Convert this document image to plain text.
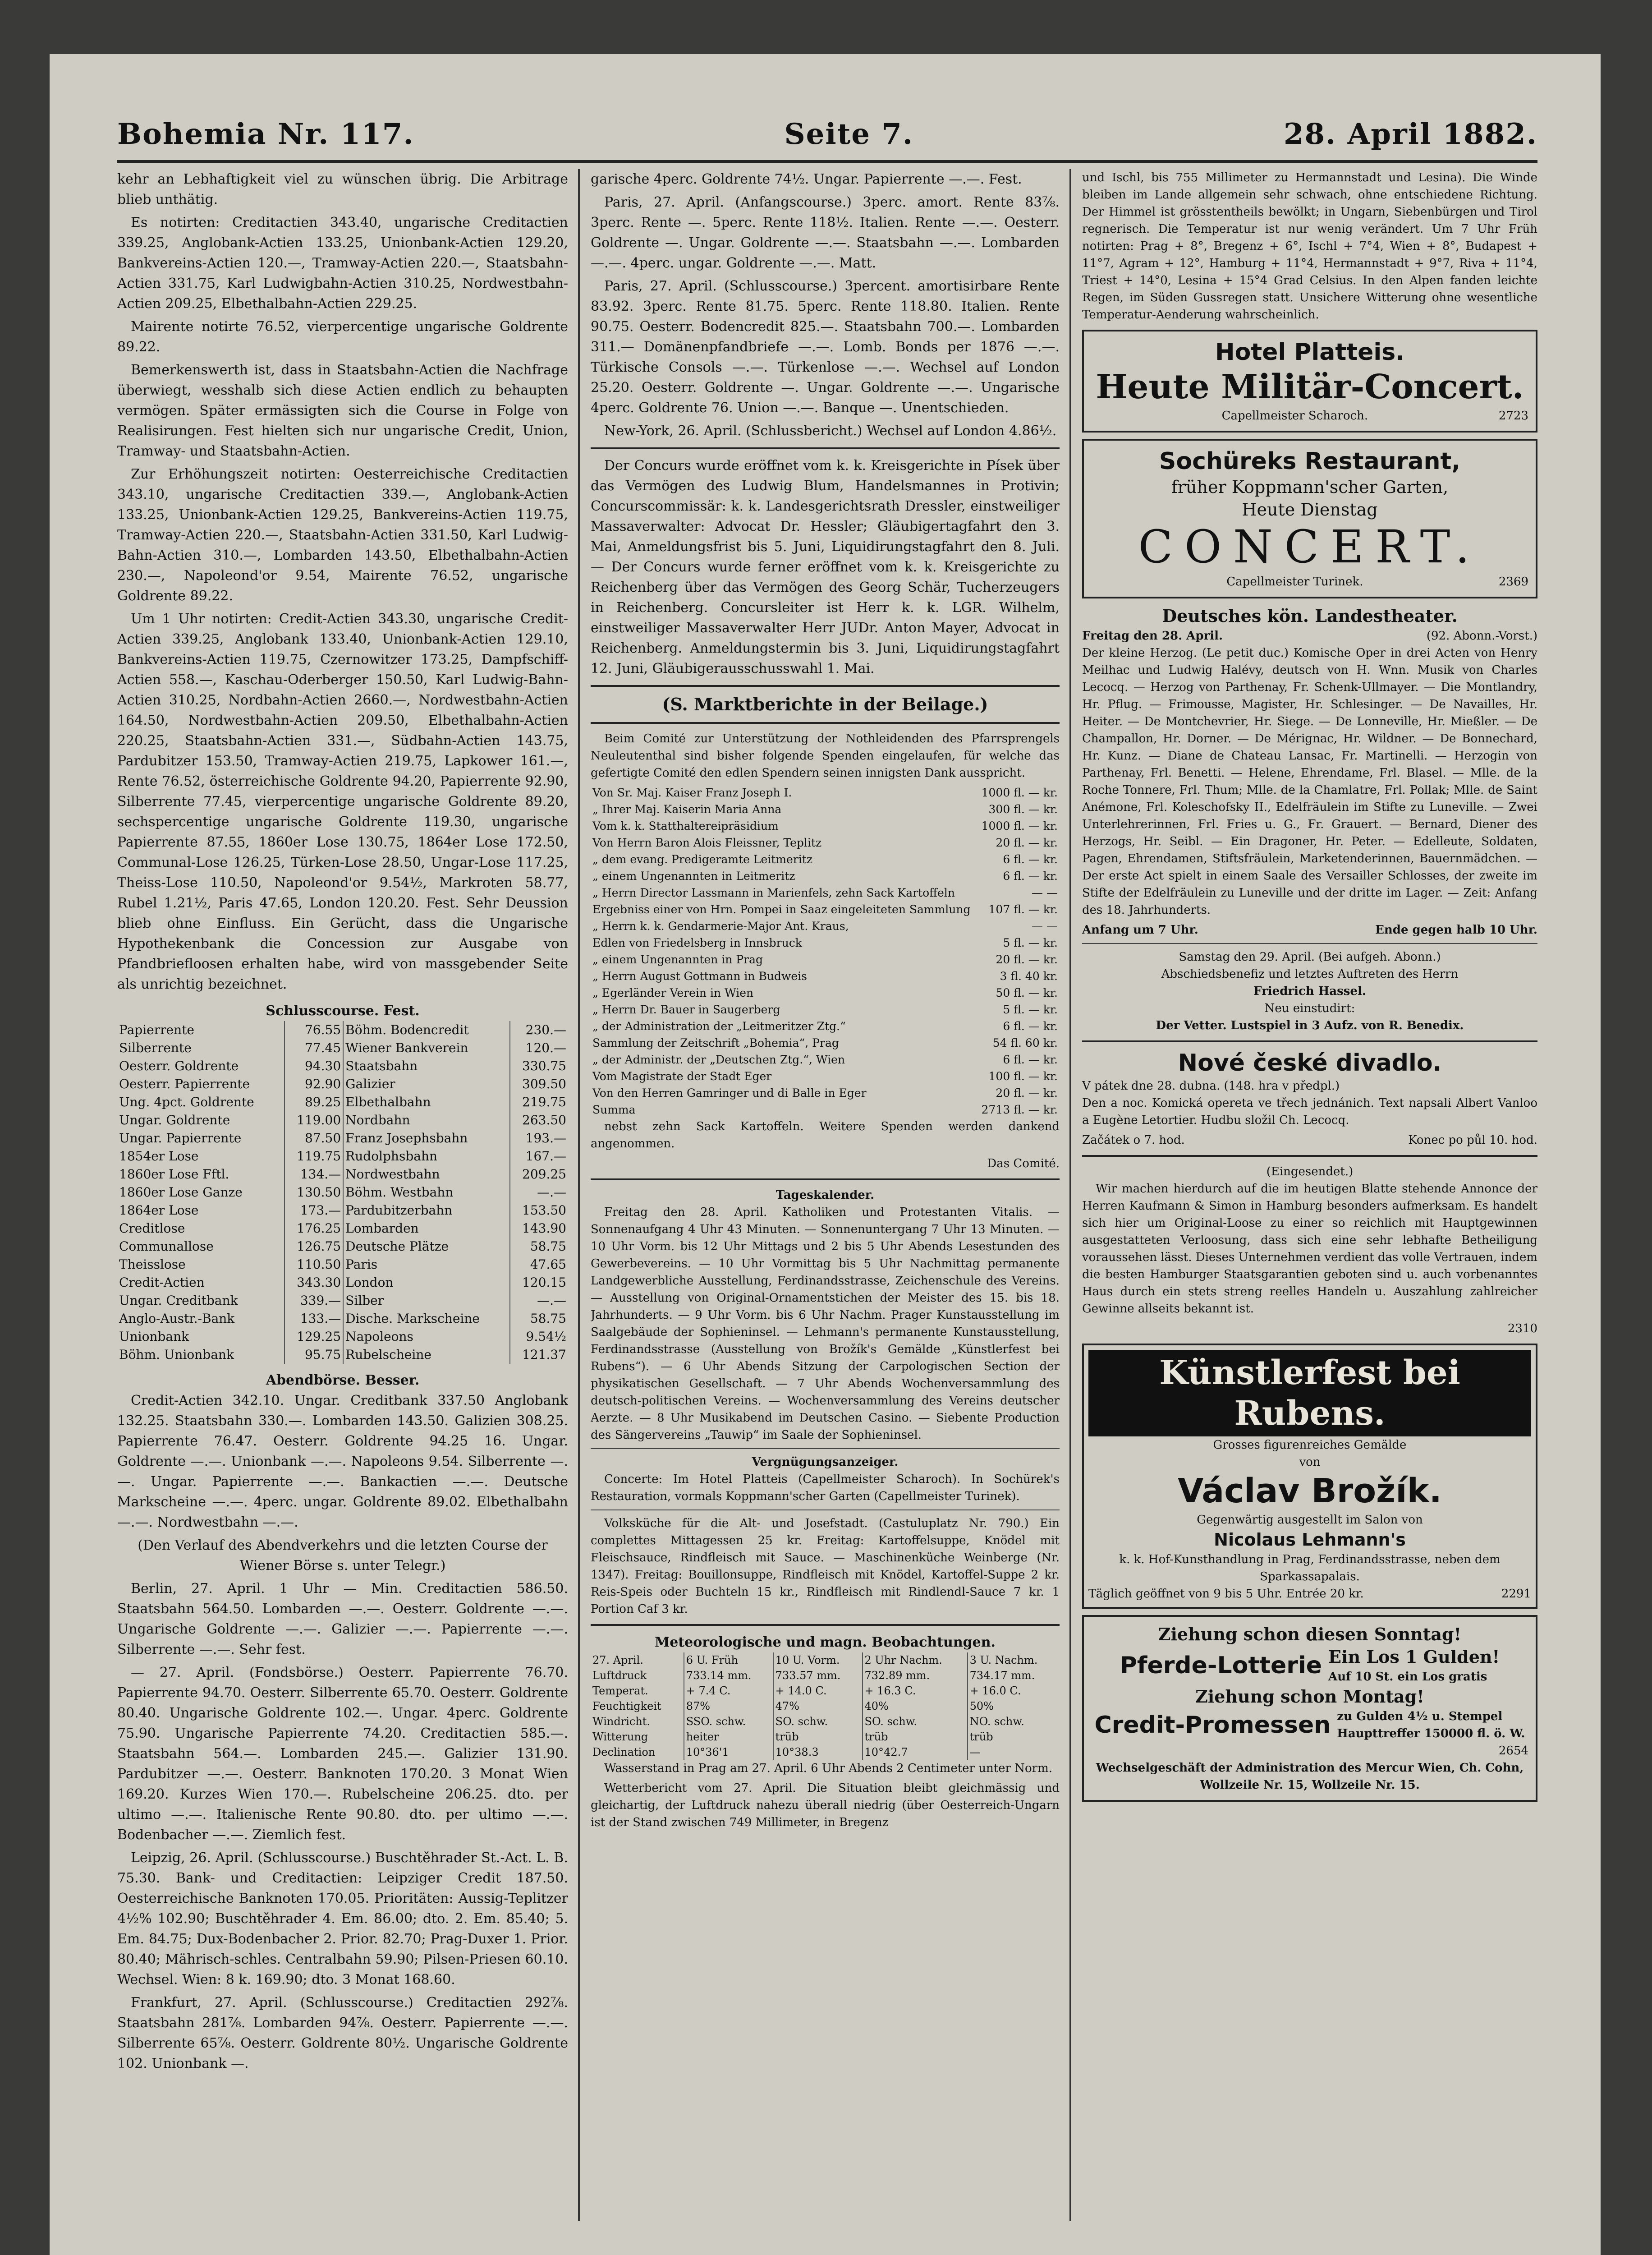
Bohemia Nr. 117.	Seite 7.	28. April 1882.

kehr an Lebhaftigkeit viel zu wünschen übrig. Die Arbitrage blieb unthätig.

Es notirten: Creditactien 343.40, ungarische Creditactien 339.25, Anglobank-Actien 133.25, Unionbank-Actien 129.20, Bankvereins-Actien 120.—, Tramway-Actien 220.—, Staatsbahn-Actien 331.75, Karl Ludwigbahn-Actien 310.25, Nordwestbahn-Actien 209.25, Elbethalbahn-Actien 229.25.

Mairente notirte 76.52, vierpercentige ungarische Goldrente 89.22.

Bemerkenswerth ist, dass in Staatsbahn-Actien die Nachfrage überwiegt, wesshalb sich diese Actien endlich zu behaupten vermögen. Später ermässigten sich die Course in Folge von Realisirungen. Fest hielten sich nur ungarische Credit, Union, Tramway- und Staatsbahn-Actien.

Zur Erhöhungszeit notirten: Oesterreichische Creditactien 343.10, ungarische Creditactien 339.—, Anglobank-Actien 133.25, Unionbank-Actien 129.25, Bankvereins-Actien 119.75, Tramway-Actien 220.—, Staatsbahn-Actien 331.50, Karl Ludwig-Bahn-Actien 310.—, Lombarden 143.50, Elbethalbahn-Actien 230.—, Napoleond'or 9.54, Mairente 76.52, ungarische Goldrente 89.22.

Um 1 Uhr notirten: Credit-Actien 343.30, ungarische Credit-Actien 339.25, Anglobank 133.40, Unionbank-Actien 129.10, Bankvereins-Actien 119.75, Czernowitzer 173.25, Dampfschiff-Actien 558.—, Kaschau-Oderberger 150.50, Karl Ludwig-Bahn-Actien 310.25, Nordbahn-Actien 2660.—, Nordwestbahn-Actien 164.50, Nordwestbahn-Actien 209.50, Elbethalbahn-Actien 220.25, Staatsbahn-Actien 331.—, Südbahn-Actien 143.75, Pardubitzer 153.50, Tramway-Actien 219.75, Lapkower 161.—, Rente 76.52, österreichische Goldrente 94.20, Papierrente 92.90, Silberrente 77.45, vierpercentige ungarische Goldrente 89.20, sechspercentige ungarische Goldrente 119.30, ungarische Papierrente 87.55, 1860er Lose 130.75, 1864er Lose 172.50, Communal-Lose 126.25, Türken-Lose 28.50, Ungar-Lose 117.25, Theiss-Lose 110.50, Napoleond'or 9.54½, Markroten 58.77, Rubel 1.21½, Paris 47.65, London 120.20. Fest. Sehr Deussion blieb ohne Einfluss. Ein Gerücht, dass die Ungarische Hypothekenbank die Concession zur Ausgabe von Pfandbriefloosen erhalten habe, wird von massgebender Seite als unrichtig bezeichnet.

Schlusscourse. Fest.
Papierrente	76.55	Böhm. Bodencredit	230.—
Silberrente	77.45	Wiener Bankverein	120.—
Oesterr. Goldrente	94.30	Staatsbahn	330.75
Oesterr. Papierrente	92.90	Galizier	309.50
Ung. 4pct. Goldrente	89.25	Elbethalbahn	219.75
Ungar. Goldrente	119.00	Nordbahn	263.50
Ungar. Papierrente	87.50	Franz Josephsbahn	193.—
1854er Lose	119.75	Rudolphsbahn	167.—
1860er Lose Fftl.	134.—	Nordwestbahn	209.25
1860er Lose Ganze	130.50	Böhm. Westbahn	—.—
1864er Lose	173.—	Pardubitzerbahn	153.50
Creditlose	176.25	Lombarden	143.90
Communallose	126.75	Deutsche Plätze	58.75
Theisslose	110.50	Paris	47.65
Credit-Actien	343.30	London	120.15
Ungar. Creditbank	339.—	Silber	—.—
Anglo-Austr.-Bank	133.—	Dische. Markscheine	58.75
Unionbank	129.25	Napoleons	9.54½
Böhm. Unionbank	95.75	Rubelscheine	121.37
Abendbörse. Besser.

Credit-Actien 342.10. Ungar. Creditbank 337.50 Anglobank 132.25. Staatsbahn 330.—. Lombarden 143.50. Galizien 308.25. Papierrente 76.47. Oesterr. Goldrente 94.25 16. Ungar. Goldrente —.—. Unionbank —.—. Napoleons 9.54. Silberrente —.—. Ungar. Papierrente —.—. Bankactien —.—. Deutsche Markscheine —.—. 4perc. ungar. Goldrente 89.02. Elbethalbahn —.—. Nordwestbahn —.—.

(Den Verlauf des Abendverkehrs und die letzten Course der Wiener Börse s. unter Telegr.)

Berlin, 27. April. 1 Uhr — Min. Creditactien 586.50. Staatsbahn 564.50. Lombarden —.—. Oesterr. Goldrente —.—. Ungarische Goldrente —.—. Galizier —.—. Papierrente —.—. Silberrente —.—. Sehr fest.

— 27. April. (Fondsbörse.) Oesterr. Papierrente 76.70. Papierrente 94.70. Oesterr. Silberrente 65.70. Oesterr. Goldrente 80.40. Ungarische Goldrente 102.—. Ungar. 4perc. Goldrente 75.90. Ungarische Papierrente 74.20. Creditactien 585.—. Staatsbahn 564.—. Lombarden 245.—. Galizier 131.90. Pardubitzer —.—. Oesterr. Banknoten 170.20. 3 Monat Wien 169.20. Kurzes Wien 170.—. Rubelscheine 206.25. dto. per ultimo —.—. Italienische Rente 90.80. dto. per ultimo —.—. Bodenbacher —.—. Ziemlich fest.

Leipzig, 26. April. (Schlusscourse.) Buschtěhrader St.-Act. L. B. 75.30. Bank- und Creditactien: Leipziger Credit 187.50. Oesterreichische Banknoten 170.05. Prioritäten: Aussig-Teplitzer 4½% 102.90; Buschtěhrader 4. Em. 86.00; dto. 2. Em. 85.40; 5. Em. 84.75; Dux-Bodenbacher 2. Prior. 82.70; Prag-Duxer 1. Prior. 80.40; Mährisch-schles. Centralbahn 59.90; Pilsen-Priesen 60.10. Wechsel. Wien: 8 k. 169.90; dto. 3 Monat 168.60.

Frankfurt, 27. April. (Schlusscourse.) Creditactien 292⅞. Staatsbahn 281⅞. Lombarden 94⅞. Oesterr. Papierrente —.—. Silberrente 65⅞. Oesterr. Goldrente 80½. Ungarische Goldrente 102. Unionbank —.

garische 4perc. Goldrente 74½. Ungar. Papierrente —.—. Fest.

Paris, 27. April. (Anfangscourse.) 3perc. amort. Rente 83⅞. 3perc. Rente —. 5perc. Rente 118½. Italien. Rente —.—. Oesterr. Goldrente —. Ungar. Goldrente —.—. Staatsbahn —.—. Lombarden —.—. 4perc. ungar. Goldrente —.—. Matt.

Paris, 27. April. (Schlusscourse.) 3percent. amortisirbare Rente 83.92. 3perc. Rente 81.75. 5perc. Rente 118.80. Italien. Rente 90.75. Oesterr. Bodencredit 825.—. Staatsbahn 700.—. Lombarden 311.— Domänenpfandbriefe —.—. Lomb. Bonds per 1876 —.—. Türkische Consols —.—. Türkenlose —.—. Wechsel auf London 25.20. Oesterr. Goldrente —. Ungar. Goldrente —.—. Ungarische 4perc. Goldrente 76. Union —.—. Banque —. Unentschieden.

New-York, 26. April. (Schlussbericht.) Wechsel auf London 4.86½.

Der Concurs wurde eröffnet vom k. k. Kreisgerichte in Písek über das Vermögen des Ludwig Blum, Handelsmannes in Protivin; Concurscommissär: k. k. Landesgerichtsrath Dressler, einstweiliger Massaverwalter: Advocat Dr. Hessler; Gläubigertagfahrt den 3. Mai, Anmeldungsfrist bis 5. Juni, Liquidirungstagfahrt den 8. Juli. — Der Concurs wurde ferner eröffnet vom k. k. Kreisgerichte zu Reichenberg über das Vermögen des Georg Schär, Tucherzeugers in Reichenberg. Concursleiter ist Herr k. k. LGR. Wilhelm, einstweiliger Massaverwalter Herr JUDr. Anton Mayer, Advocat in Reichenberg. Anmeldungstermin bis 3. Juni, Liquidirungstagfahrt 12. Juni, Gläubigerausschusswahl 1. Mai.

(S. Marktberichte in der Beilage.)

Beim Comité zur Unterstützung der Nothleidenden des Pfarrsprengels Neuleutenthal sind bisher folgende Spenden eingelaufen, für welche das gefertigte Comité den edlen Spendern seinen innigsten Dank ausspricht.

Von Sr. Maj. Kaiser Franz Joseph I.	1000 fl. — kr.
„ Ihrer Maj. Kaiserin Maria Anna	300 fl. — kr.
Vom k. k. Statthaltereipräsidium	1000 fl. — kr.
Von Herrn Baron Alois Fleissner, Teplitz	20 fl. — kr.
„ dem evang. Predigeramte Leitmeritz	6 fl. — kr.
„ einem Ungenannten in Leitmeritz	6 fl. — kr.
„ Herrn Director Lassmann in Marienfels, zehn Sack Kartoffeln	— —
Ergebniss einer von Hrn. Pompei in Saaz eingeleiteten Sammlung	107 fl. — kr.
„ Herrn k. k. Gendarmerie-Major Ant. Kraus,	— —
Edlen von Friedelsberg in Innsbruck	5 fl. — kr.
„ einem Ungenannten in Prag	20 fl. — kr.
„ Herrn August Gottmann in Budweis	3 fl. 40 kr.
„ Egerländer Verein in Wien	50 fl. — kr.
„ Herrn Dr. Bauer in Saugerberg	5 fl. — kr.
„ der Administration der „Leitmeritzer Ztg.“	6 fl. — kr.
Sammlung der Zeitschrift „Bohemia“, Prag	54 fl. 60 kr.
„ der Administr. der „Deutschen Ztg.“, Wien	6 fl. — kr.
Vom Magistrate der Stadt Eger	100 fl. — kr.
Von den Herren Gamringer und di Balle in Eger	20 fl. — kr.
Summa	2713 fl. — kr.

nebst zehn Sack Kartoffeln. Weitere Spenden werden dankend angenommen.

Das Comité.
Tageskalender.

Freitag den 28. April. Katholiken und Protestanten Vitalis. — Sonnenaufgang 4 Uhr 43 Minuten. — Sonnenuntergang 7 Uhr 13 Minuten. — 10 Uhr Vorm. bis 12 Uhr Mittags und 2 bis 5 Uhr Abends Lesestunden des Gewerbevereins. — 10 Uhr Vormittag bis 5 Uhr Nachmittag permanente Landgewerbliche Ausstellung, Ferdinandsstrasse, Zeichenschule des Vereins. — Ausstellung von Original-Ornamentstichen der Meister des 15. bis 18. Jahrhunderts. — 9 Uhr Vorm. bis 6 Uhr Nachm. Prager Kunstausstellung im Saalgebäude der Sophieninsel. — Lehmann's permanente Kunstausstellung, Ferdinandsstrasse (Ausstellung von Brožík's Gemälde „Künstlerfest bei Rubens“). — 6 Uhr Abends Sitzung der Carpologischen Section der physikatischen Gesellschaft. — 7 Uhr Abends Wochenversammlung des deutsch-politischen Vereins. — Wochenversammlung des Vereins deutscher Aerzte. — 8 Uhr Musikabend im Deutschen Casino. — Siebente Production des Sängervereins „Tauwip“ im Saale der Sophieninsel.

Vergnügungsanzeiger.

Concerte: Im Hotel Platteis (Capellmeister Scharoch). In Sochürek's Restauration, vormals Koppmann'scher Garten (Capellmeister Turinek).

Volksküche für die Alt- und Josefstadt. (Castuluplatz Nr. 790.) Ein complettes Mittagessen 25 kr. Freitag: Kartoffelsuppe, Knödel mit Fleischsauce, Rindfleisch mit Sauce. — Maschinenküche Weinberge (Nr. 1347). Freitag: Bouillonsuppe, Rindfleisch mit Knödel, Kartoffel-Suppe 2 kr. Reis-Speis oder Buchteln 15 kr., Rindfleisch mit Rindlendl-Sauce 7 kr. 1 Portion Caf 3 kr.

Meteorologische und magn. Beobachtungen.
27. April.	6 U. Früh	10 U. Vorm.	2 Uhr Nachm.	3 U. Nachm.
Luftdruck	733.14 mm.	733.57 mm.	732.89 mm.	734.17 mm.
Temperat.	+ 7.4 C.	+ 14.0 C.	+ 16.3 C.	+ 16.0 C.
Feuchtigkeit	87%	47%	40%	50%
Windricht.	SSO. schw.	SO. schw.	SO. schw.	NO. schw.
Witterung	heiter	trüb	trüb	trüb
Declination	10°36'1	10°38.3	10°42.7	—

Wasserstand in Prag am 27. April. 6 Uhr Abends 2 Centimeter unter Norm.

Wetterbericht vom 27. April. Die Situation bleibt gleichmässig und gleichartig, der Luftdruck nahezu überall niedrig (über Oesterreich-Ungarn ist der Stand zwischen 749 Millimeter, in Bregenz

und Ischl, bis 755 Millimeter zu Hermannstadt und Lesina). Die Winde bleiben im Lande allgemein sehr schwach, ohne entschiedene Richtung. Der Himmel ist grösstentheils bewölkt; in Ungarn, Siebenbürgen und Tirol regnerisch. Die Temperatur ist nur wenig verändert. Um 7 Uhr Früh notirten: Prag + 8°, Bregenz + 6°, Ischl + 7°4, Wien + 8°, Budapest + 11°7, Agram + 12°, Hamburg + 11°4, Hermannstadt + 9°7, Riva + 11°4, Triest + 14°0, Lesina + 15°4 Grad Celsius. In den Alpen fanden leichte Regen, im Süden Gussregen statt. Unsichere Witterung ohne wesentliche Temperatur-Aenderung wahrscheinlich.

Hotel Platteis.
Heute Militär-Concert.
Capellmeister Scharoch.	2723
Sochüreks Restaurant,
früher Koppmann'scher Garten,
Heute Dienstag
CONCERT.
Capellmeister Turinek.	2369
Deutsches kön. Landestheater.
Freitag den 28. April.	(92. Abonn.-Vorst.)

Der kleine Herzog. (Le petit duc.) Komische Oper in drei Acten von Henry Meilhac und Ludwig Halévy, deutsch von H. Wnn. Musik von Charles Lecocq. — Herzog von Parthenay, Fr. Schenk-Ullmayer. — Die Montlandry, Hr. Pflug. — Frimousse, Magister, Hr. Schlesinger. — De Navailles, Hr. Heiter. — De Montchevrier, Hr. Siege. — De Lonneville, Hr. Mießler. — De Champallon, Hr. Dorner. — De Mérignac, Hr. Wildner. — De Bonnechard, Hr. Kunz. — Diane de Chateau Lansac, Fr. Martinelli. — Herzogin von Parthenay, Frl. Benetti. — Helene, Ehrendame, Frl. Blasel. — Mlle. de la Roche Tonnere, Frl. Thum; Mlle. de la Chamlatre, Frl. Pollak; Mlle. de Saint Anémone, Frl. Koleschofsky II., Edelfräulein im Stifte zu Luneville. — Zwei Unterlehrerinnen, Frl. Fries u. G., Fr. Grauert. — Bernard, Diener des Herzogs, Hr. Seibl. — Ein Dragoner, Hr. Peter. — Edelleute, Soldaten, Pagen, Ehrendamen, Stiftsfräulein, Marketenderinnen, Bauernmädchen. — Der erste Act spielt in einem Saale des Versailler Schlosses, der zweite im Stifte der Edelfräulein zu Luneville und der dritte im Lager. — Zeit: Anfang des 18. Jahrhunderts.

Anfang um 7 Uhr.	Ende gegen halb 10 Uhr.
Samstag den 29. April. (Bei aufgeh. Abonn.)
Abschiedsbenefiz und letztes Auftreten des Herrn
Friedrich Hassel.
Neu einstudirt:
Der Vetter. Lustspiel in 3 Aufz. von R. Benedix.
Nové české divadlo.
V pátek dne 28. dubna. (148. hra v předpl.)

Den a noc. Komická opereta ve třech jednánich. Text napsali Albert Vanloo a Eugène Letortier. Hudbu složil Ch. Lecocq.

Začátek o 7. hod.	Konec po půl 10. hod.
(Eingesendet.)

Wir machen hierdurch auf die im heutigen Blatte stehende Annonce der Herren Kaufmann & Simon in Hamburg besonders aufmerksam. Es handelt sich hier um Original-Loose zu einer so reichlich mit Hauptgewinnen ausgestatteten Verloosung, dass sich eine sehr lebhafte Betheiligung voraussehen lässt. Dieses Unternehmen verdient das volle Vertrauen, indem die besten Hamburger Staatsgarantien geboten sind u. auch vorbenanntes Haus durch ein stets streng reelles Handeln u. Auszahlung zahlreicher Gewinne allseits bekannt ist.

2310
Künstlerfest bei Rubens.
Grosses figurenreiches Gemälde
von
Václav Brožík.
Gegenwärtig ausgestellt im Salon von
Nicolaus Lehmann's
k. k. Hof-Kunsthandlung in Prag, Ferdinandsstrasse, neben dem Sparkassapalais.
Täglich geöffnet von 9 bis 5 Uhr. Entrée 20 kr.	2291
Ziehung schon diesen Sonntag!
Pferde-Lotterie Ein Los 1 Gulden!
Auf 10 St. ein Los gratis
Ziehung schon Montag!
Credit-Promessen zu Gulden 4½ u. Stempel
Haupttreffer 150000 fl. ö. W.
2654
Wechselgeschäft der Administration des Mercur Wien, Ch. Cohn, Wollzeile Nr. 15, Wollzeile Nr. 15.
